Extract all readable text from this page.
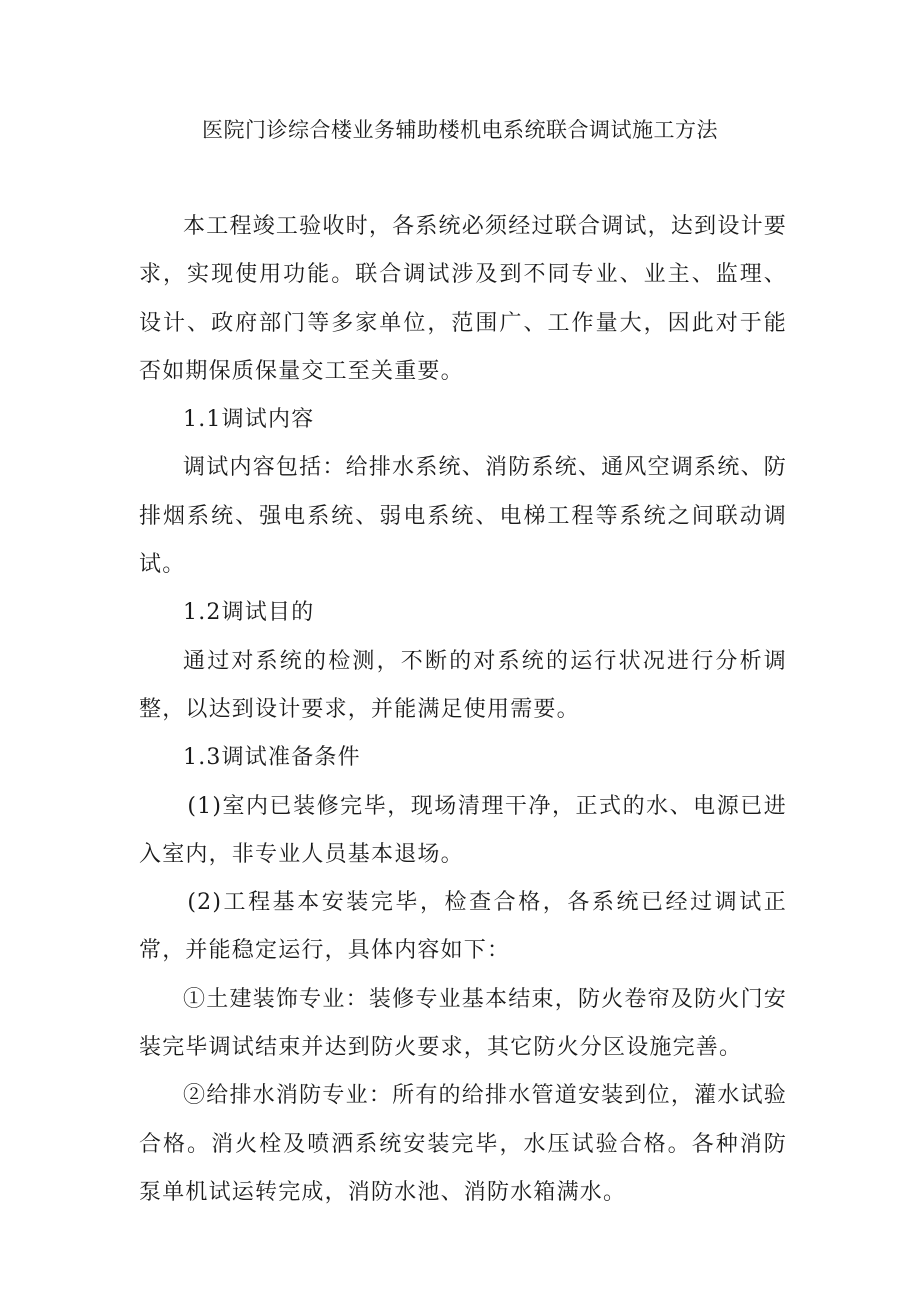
医院门诊综合楼业务辅助楼机电系统联合调试施工方法

本工程竣工验收时，各系统必须经过联合调试，达到设计要求，实现使用功能。联合调试涉及到不同专业、业主、监理、设计、政府部门等多家单位，范围广、工作量大，因此对于能否如期保质保量交工至关重要。

1.1调试内容

调试内容包括：给排水系统、消防系统、通风空调系统、防排烟系统、强电系统、弱电系统、电梯工程等系统之间联动调试。

1.2调试目的

通过对系统的检测，不断的对系统的运行状况进行分析调整，以达到设计要求，并能满足使用需要。

1.3调试准备条件

(1)室内已装修完毕，现场清理干净，正式的水、电源已进入室内，非专业人员基本退场。

(2)工程基本安装完毕，检查合格，各系统已经过调试正常，并能稳定运行，具体内容如下：

①土建装饰专业：装修专业基本结束，防火卷帘及防火门安装完毕调试结束并达到防火要求，其它防火分区设施完善。

②给排水消防专业：所有的给排水管道安装到位，灌水试验合格。消火栓及喷洒系统安装完毕，水压试验合格。各种消防泵单机试运转完成，消防水池、消防水箱满水。
